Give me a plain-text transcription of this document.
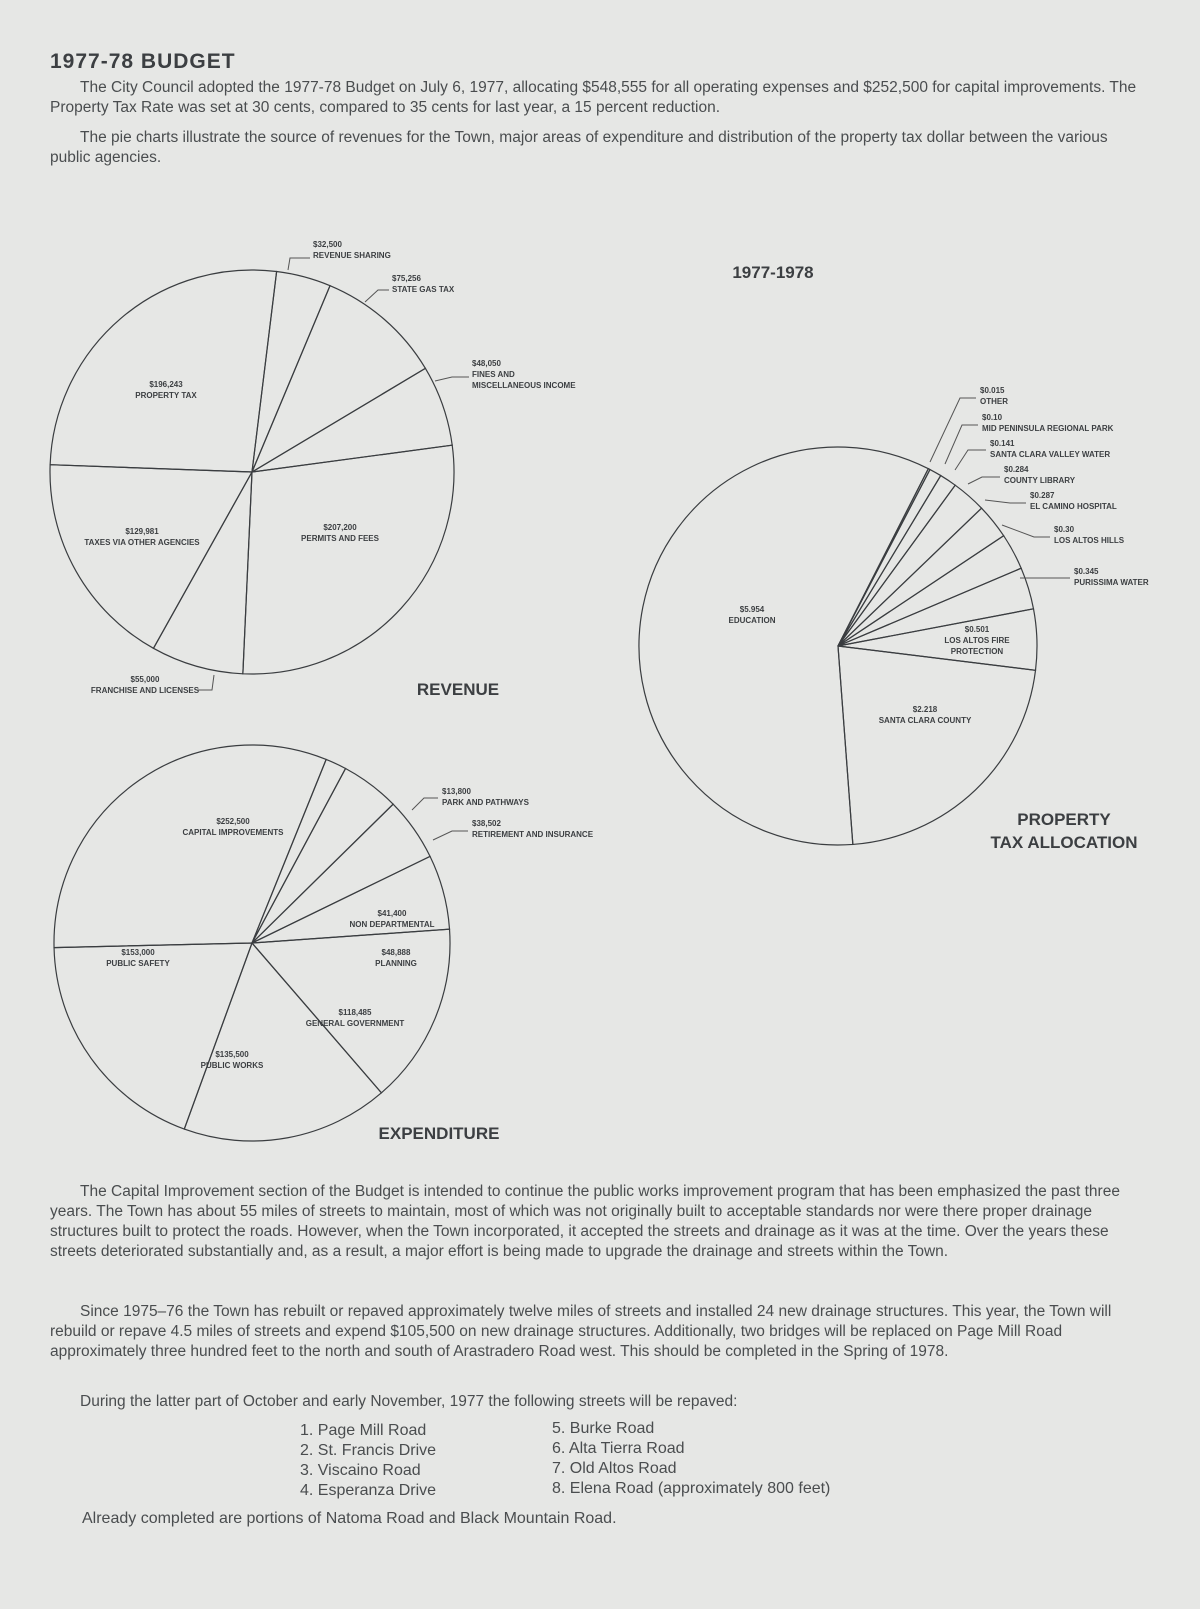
1977-78 BUDGET

The City Council adopted the 1977-78 Budget on July 6, 1977, allocating $548,555 for all operating expenses and $252,500 for capital improvements. The Property Tax Rate was set at 30 cents, compared to 35 cents for last year, a 15 percent reduction.

The pie charts illustrate the source of revenues for the Town, major areas of expenditure and distribution of the property tax dollar between the various public agencies.

$32,500
REVENUE SHARING
$75,256
STATE GAS TAX
$48,050
FINES AND
MISCELLANEOUS INCOME
$207,200
PERMITS AND FEES
$55,000
FRANCHISE AND LICENSES
$129,981
TAXES VIA OTHER AGENCIES
$196,243
PROPERTY TAX
$13,800
PARK AND PATHWAYS
$38,502
RETIREMENT AND INSURANCE
$41,400
NON DEPARTMENTAL
$48,888
PLANNING
$118,485
GENERAL GOVERNMENT
$135,500
PUBLIC WORKS
$153,000
PUBLIC SAFETY
$252,500
CAPITAL IMPROVEMENTS
$0.015
OTHER
$0.10
MID PENINSULA REGIONAL PARK
$0.141
SANTA CLARA VALLEY WATER
$0.284
COUNTY LIBRARY
$0.287
EL CAMINO HOSPITAL
$0.30
LOS ALTOS HILLS
$0.345
PURISSIMA WATER
$0.501
LOS ALTOS FIRE
PROTECTION
$2.218
SANTA CLARA COUNTY
$5.954
EDUCATION
REVENUE
EXPENDITURE
1977-1978
PROPERTY
TAX ALLOCATION

The Capital Improvement section of the Budget is intended to continue the public works improvement program that has been emphasized the past three years. The Town has about 55 miles of streets to maintain, most of which was not originally built to acceptable standards nor were there proper drainage structures built to protect the roads. However, when the Town incorporated, it accepted the streets and drainage as it was at the time. Over the years these streets deteriorated substantially and, as a result, a major effort is being made to upgrade the drainage and streets within the Town.

Since 1975–76 the Town has rebuilt or repaved approximately twelve miles of streets and installed 24 new drainage structures. This year, the Town will rebuild or repave 4.5 miles of streets and expend $105,500 on new drainage structures. Additionally, two bridges will be replaced on Page Mill Road approximately three hundred feet to the north and south of Arastradero Road west. This should be completed in the Spring of 1978.

During the latter part of October and early November, 1977 the following streets will be repaved:

1. Page Mill Road
2. St. Francis Drive
3. Viscaino Road
4. Esperanza Drive
5. Burke Road
6. Alta Tierra Road
7. Old Altos Road
8. Elena Road (approximately 800 feet)
Already completed are portions of Natoma Road and Black Mountain Road.
